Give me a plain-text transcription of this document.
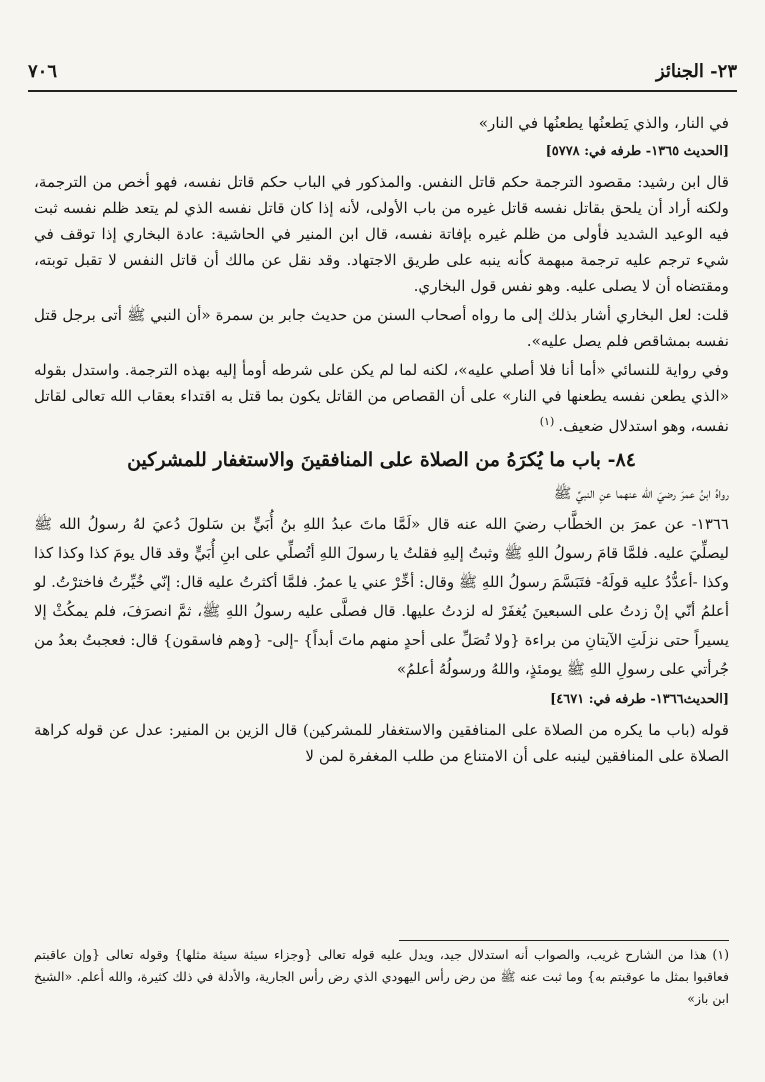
٢٣- الجنائز
٧٠٦

في النار، والذي يَطعنُها يطعنُها في النار»

[الحديث ١٣٦٥- طرفه في: ٥٧٧٨]

قال ابن رشيد: مقصود الترجمة حكم قاتل النفس. والمذكور في الباب حكم قاتل نفسه، فهو أخص من الترجمة، ولكنه أراد أن يلحق بقاتل نفسه قاتل غيره من باب الأولى، لأنه إذا كان قاتل نفسه الذي لم يتعد ظلم نفسه ثبت فيه الوعيد الشديد فأولى من ظلم غيره بإفاتة نفسه، قال ابن المنير في الحاشية: عادة البخاري إذا توقف في شيء ترجم عليه ترجمة مبهمة كأنه ينبه على طريق الاجتهاد. وقد نقل عن مالك أن قاتل النفس لا تقبل توبته، ومقتضاه أن لا يصلى عليه. وهو نفس قول البخاري.

قلت: لعل البخاري أشار بذلك إلى ما رواه أصحاب السنن من حديث جابر بن سمرة «أن النبي ﷺ أتى برجل قتل نفسه بمشاقص فلم يصل عليه».

وفي رواية للنسائي «أما أنا فلا أصلي عليه»، لكنه لما لم يكن على شرطه أومأ إليه بهذه الترجمة. واستدل بقوله «الذي يطعن نفسه يطعنها في النار» على أن القصاص من القاتل يكون بما قتل به اقتداء بعقاب الله تعالى لقاتل نفسه، وهو استدلال ضعيف.$^{(١)}$

٨٤- باب ما يُكرَهُ من الصلاة على المنافقينَ والاستغفار للمشركين

رواهُ ابنُ عمرَ رضيَ الله عنهما عنِ النبيِّ ﷺ

١٣٦٦- عن عمرَ بن الخطَّاب رضيَ الله عنه قال «لَمَّا ماتَ عبدُ اللهِ بنُ أُبَيٍّ بن سَلولَ دُعيَ لهُ رسولُ الله ﷺ ليصلِّيَ عليه. فلمَّا قامَ رسولُ اللهِ ﷺ وثبتُ إليهِ فقلتُ يا رسولَ اللهِ أتُصلِّي على ابنِ أُبَيٍّ وقد قال يومَ كذا وكذا كذا وكذا -أعدُّدُ عليه قولَهُ- فتَبَسَّمَ رسولُ اللهِ ﷺ وقال: أخِّرْ عني يا عمرُ. فلمَّا أكثرتُ عليه قال: إنّي خُيِّرتُ فاخترْتُ. لو أعلمُ أنّي إنْ زدتُ على السبعينَ يُغفَرْ له لزدتُ عليها. قال فصلَّى عليه رسولُ اللهِ ﷺ، ثمَّ انصرَفَ، فلم يمكُثْ إلا يسيراً حتى نزلَتِ الآيتانِ من براءة {ولا تُصَلِّ على أحدٍ منهم ماتَ أبداً} -إلى- {وهم فاسقون} قال: فعجبتُ بعدُ من جُرأتي على رسولِ اللهِ ﷺ يومئذٍ، واللهُ ورسولُهُ أعلمُ»

[الحديث١٣٦٦- طرفه في: ٤٦٧١]

قوله (باب ما يكره من الصلاة على المنافقين والاستغفار للمشركين) قال الزين بن المنير: عدل عن قوله كراهة الصلاة على المنافقين لينبه على أن الامتناع من طلب المغفرة لمن لا

(١) هذا من الشارح غريب، والصواب أنه استدلال جيد، ويدل عليه قوله تعالى {وجزاء سيئة سيئة مثلها} وقوله تعالى {وإن عاقبتم فعاقبوا بمثل ما عوقبتم به} وما ثبت عنه ﷺ من رض رأس اليهودي الذي رض رأس الجارية، والأدلة في ذلك كثيرة، والله أعلم. «الشيخ ابن باز»
